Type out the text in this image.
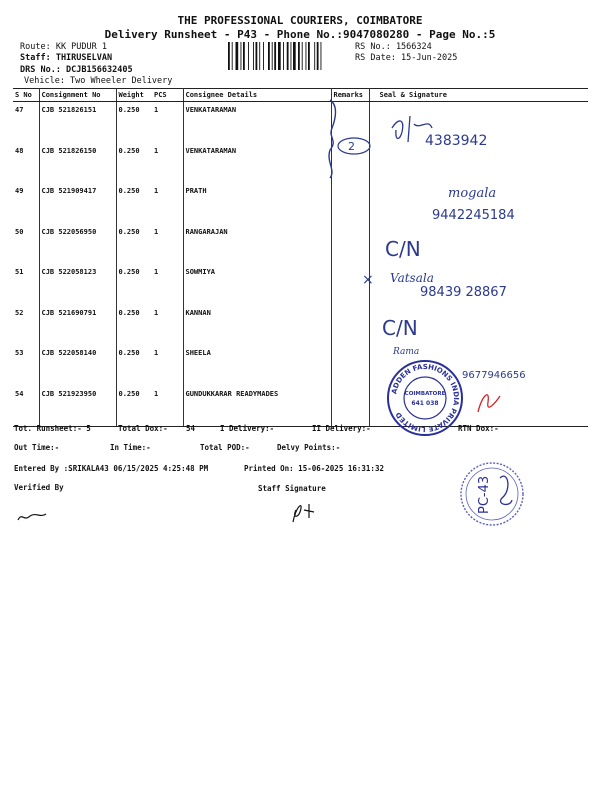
THE PROFESSIONAL COURIERS, COIMBATORE
Delivery Runsheet - P43 - Phone No.:9047080280 - Page No.:5
Route: KK PUDUR 1
Staff: THIRUSELVAN
DRS No.: DCJB156632405
Vehicle: Two Wheeler Delivery
RS No.: 1566324
RS Date: 15-Jun-2025
S No	Consignment No	Weight	PCS	Consignee Details	Remarks	Seal & Signature
47	CJB 521826151	0.250	1	VENKATARAMAN		
48	CJB 521826150	0.250	1	VENKATARAMAN		
49	CJB 521909417	0.250	1	PRATH		
50	CJB 522056950	0.250	1	RANGARAJAN		
51	CJB 522058123	0.250	1	SOWMIYA		
52	CJB 521690791	0.250	1	KANNAN		
53	CJB 522058140	0.250	1	SHEELA		
54	CJB 521923950	0.250	1	GUNDUKKARAR READYMADES		
4383942
2
mogala
9442245184
C/N
× Vatsala
98439 28867
C/N
Rama
9677946656
ADDEN FASHIONS INDIA PRIVATE LIMITED
COIMBATORE
641 038
PC-43
Tot. Runsheet:- 5	Total Dox:- 54	I Delivery:-	II Delivery:-	RTN Dox:-
Out Time:-	In Time:-	Total POD:-	Delvy Points:-
Entered By :SRIKALA43 06/15/2025 4:25:48 PM	Printed On: 15-06-2025 16:31:32
Verified By	Staff Signature
